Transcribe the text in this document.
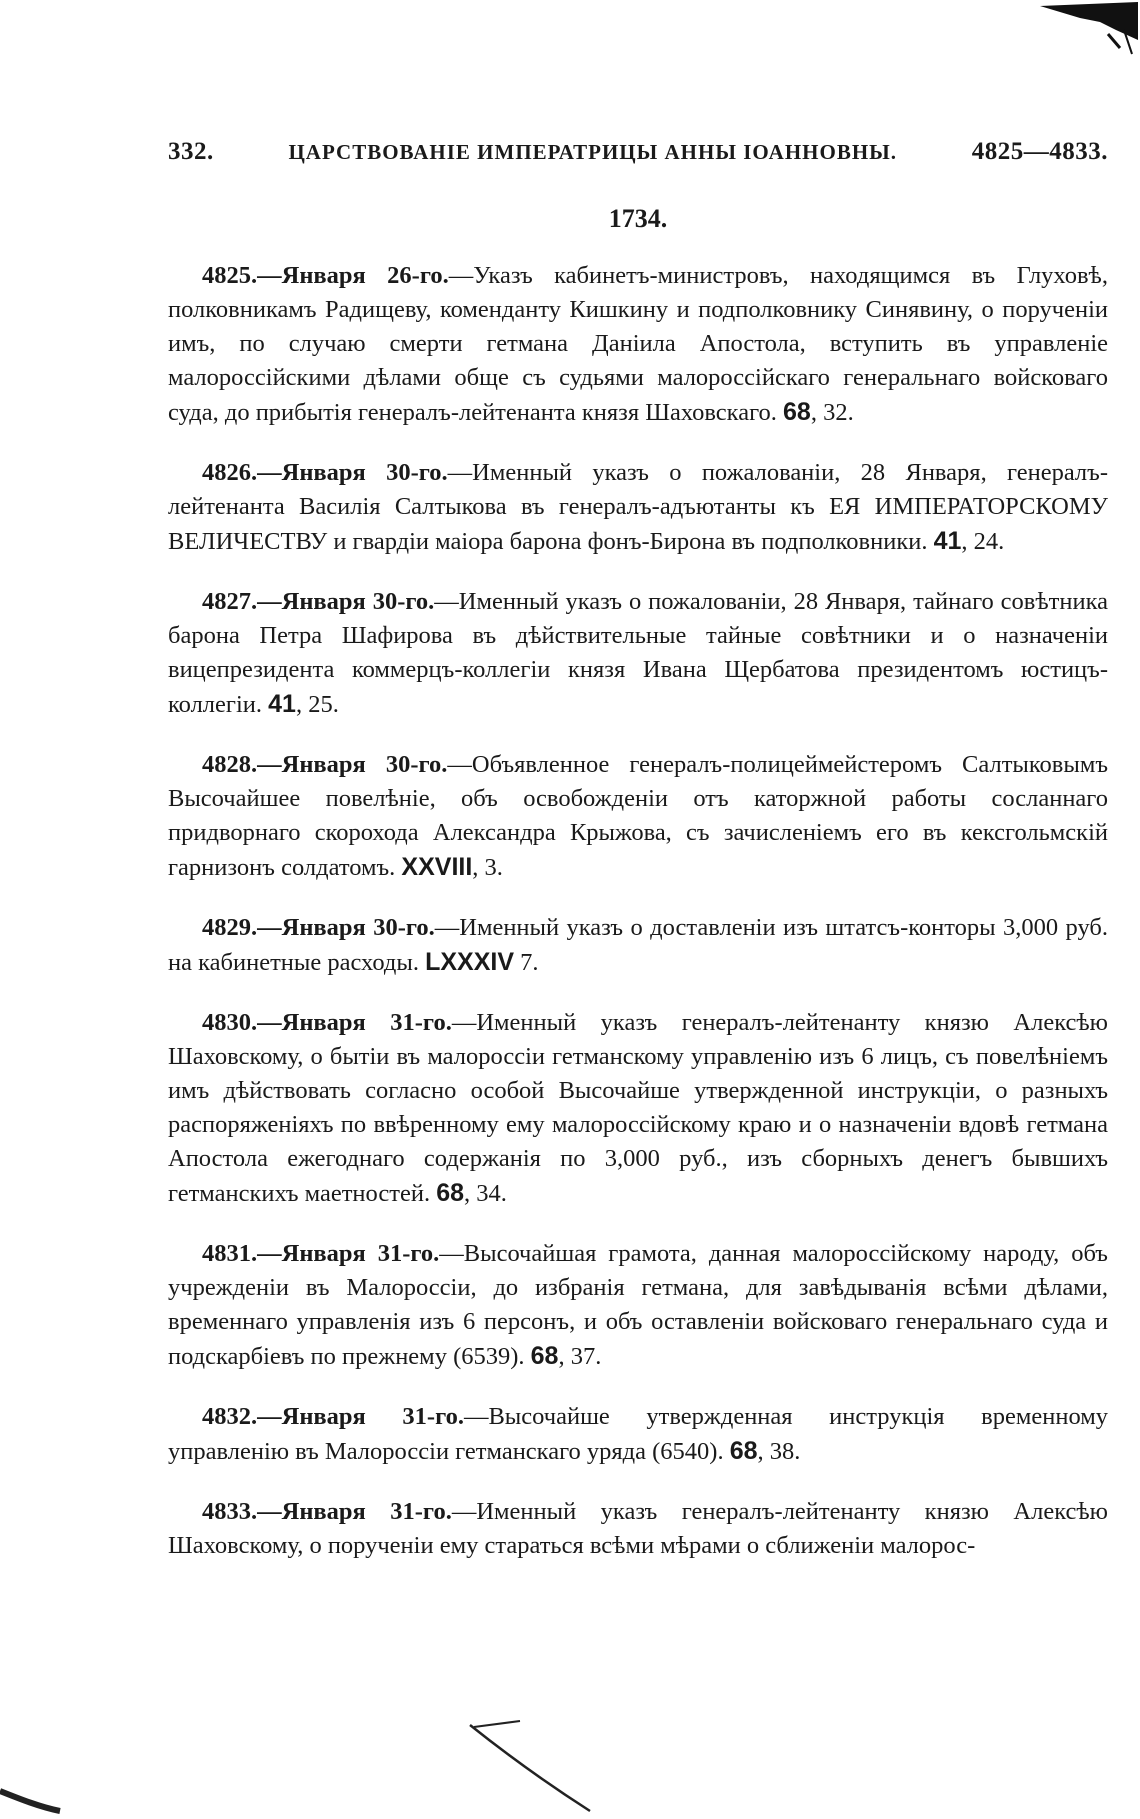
332.	ЦАРСТВОВАНІЕ ИМПЕРАТРИЦЫ АННЫ ІОАННОВНЫ.	4825—4833.
1734.

4825.—Января 26-го.—Указъ кабинетъ-министровъ, находящимся въ Глуховѣ, полковникамъ Радищеву, коменданту Кишкину и подполковнику Синявину, о порученіи имъ, по случаю смерти гетмана Даніила Апостола, вступить въ управленіе малороссійскими дѣлами обще съ судьями малороссійскаго генеральнаго войсковаго суда, до прибытія генералъ-лейтенанта князя Шаховскаго. 68, 32.

4826.—Января 30-го.—Именный указъ о пожалованіи, 28 Января, генералъ-лейтенанта Василія Салтыкова въ генералъ-адъютанты къ ЕЯ ИМПЕРАТОРСКОМУ ВЕЛИЧЕСТВУ и гвардіи маіора барона фонъ-Бирона въ подполковники. 41, 24.

4827.—Января 30-го.—Именный указъ о пожалованіи, 28 Января, тайнаго совѣтника барона Петра Шафирова въ дѣйствительные тайные совѣтники и о назначеніи вицепрезидента коммерцъ-коллегіи князя Ивана Щербатова президентомъ юстицъ-коллегіи. 41, 25.

4828.—Января 30-го.—Объявленное генералъ-полицеймейстеромъ Салтыковымъ Высочайшее повелѣніе, объ освобожденіи отъ каторжной работы сосланнаго придворнаго скорохода Александра Крыжова, съ зачисленіемъ его въ кексгольмскій гарнизонъ солдатомъ. XXVIII, 3.

4829.—Января 30-го.—Именный указъ о доставленіи изъ штатсъ-конторы 3,000 руб. на кабинетные расходы. LXXXIV 7.

4830.—Января 31-го.—Именный указъ генералъ-лейтенанту князю Алексѣю Шаховскому, о бытіи въ малороссіи гетманскому управленію изъ 6 лицъ, съ повелѣніемъ имъ дѣйствовать согласно особой Высочайше утвержденной инструкціи, о разныхъ распоряженіяхъ по ввѣренному ему малороссійскому краю и о назначеніи вдовѣ гетмана Апостола ежегоднаго содержанія по 3,000 руб., изъ сборныхъ денегъ бывшихъ гетманскихъ маетностей. 68, 34.

4831.—Января 31-го.—Высочайшая грамота, данная малороссійскому народу, объ учрежденіи въ Малороссіи, до избранія гетмана, для завѣдыванія всѣми дѣлами, временнаго управленія изъ 6 персонъ, и объ оставленіи войсковаго генеральнаго суда и подскарбіевъ по прежнему (6539). 68, 37.

4832.—Января 31-го.—Высочайше утвержденная инструкція временному управленію въ Малороссіи гетманскаго уряда (6540). 68, 38.

4833.—Января 31-го.—Именный указъ генералъ-лейтенанту князю Алексѣю Шаховскому, о порученіи ему стараться всѣми мѣрами о сближеніи малорос-
